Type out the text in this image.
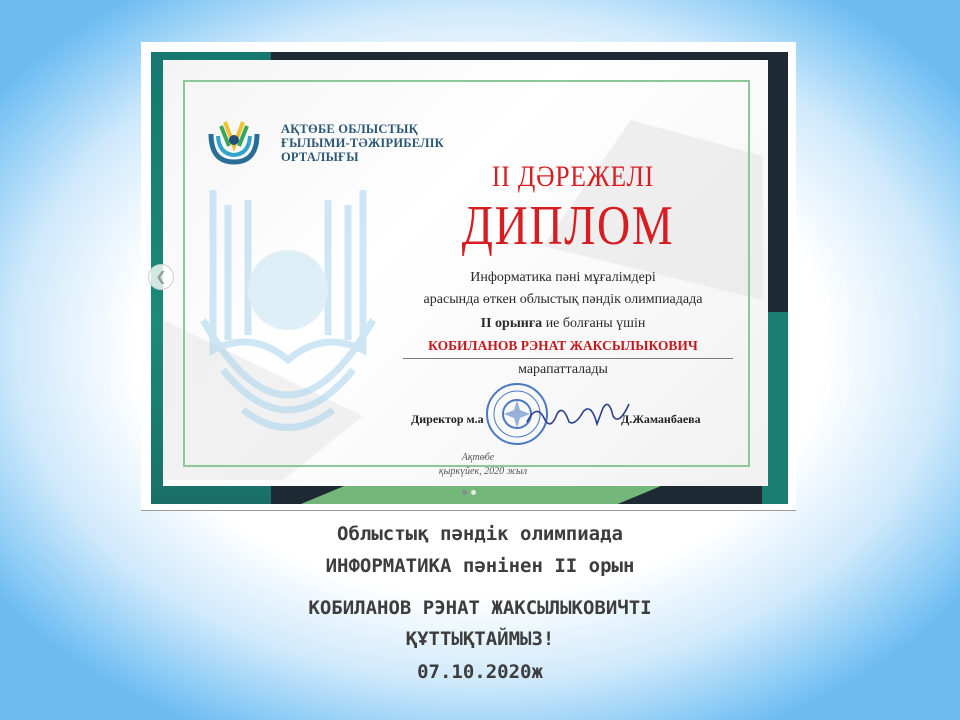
АҚТӨБЕ ОБЛЫСТЫҚ
ҒЫЛЫМИ-ТӘЖІРИБЕЛІК
ОРТАЛЫҒЫ
II ДӘРЕЖЕЛІ
ДИПЛОМ
Информатика пәні мұғалімдері
арасында өткен облыстық пәндік олимпиадада
II орынға ие болғаны үшін
КОБИЛАНОВ РЭНАТ ЖАКСЫЛЫКОВИЧ
марапатталады
Директор м.а	Д.Жаманбаева
Ақтөбе
қыркүйек, 2020 жыл
❮
Облыстық пәндік олимпиада
ИНФОРМАТИКА пәнінен II орын
КОБИЛАНОВ РЭНАТ ЖАКСЫЛЫКОВИЧТІ
ҚҰТТЫҚТАЙМЫЗ!
07.10.2020ж
